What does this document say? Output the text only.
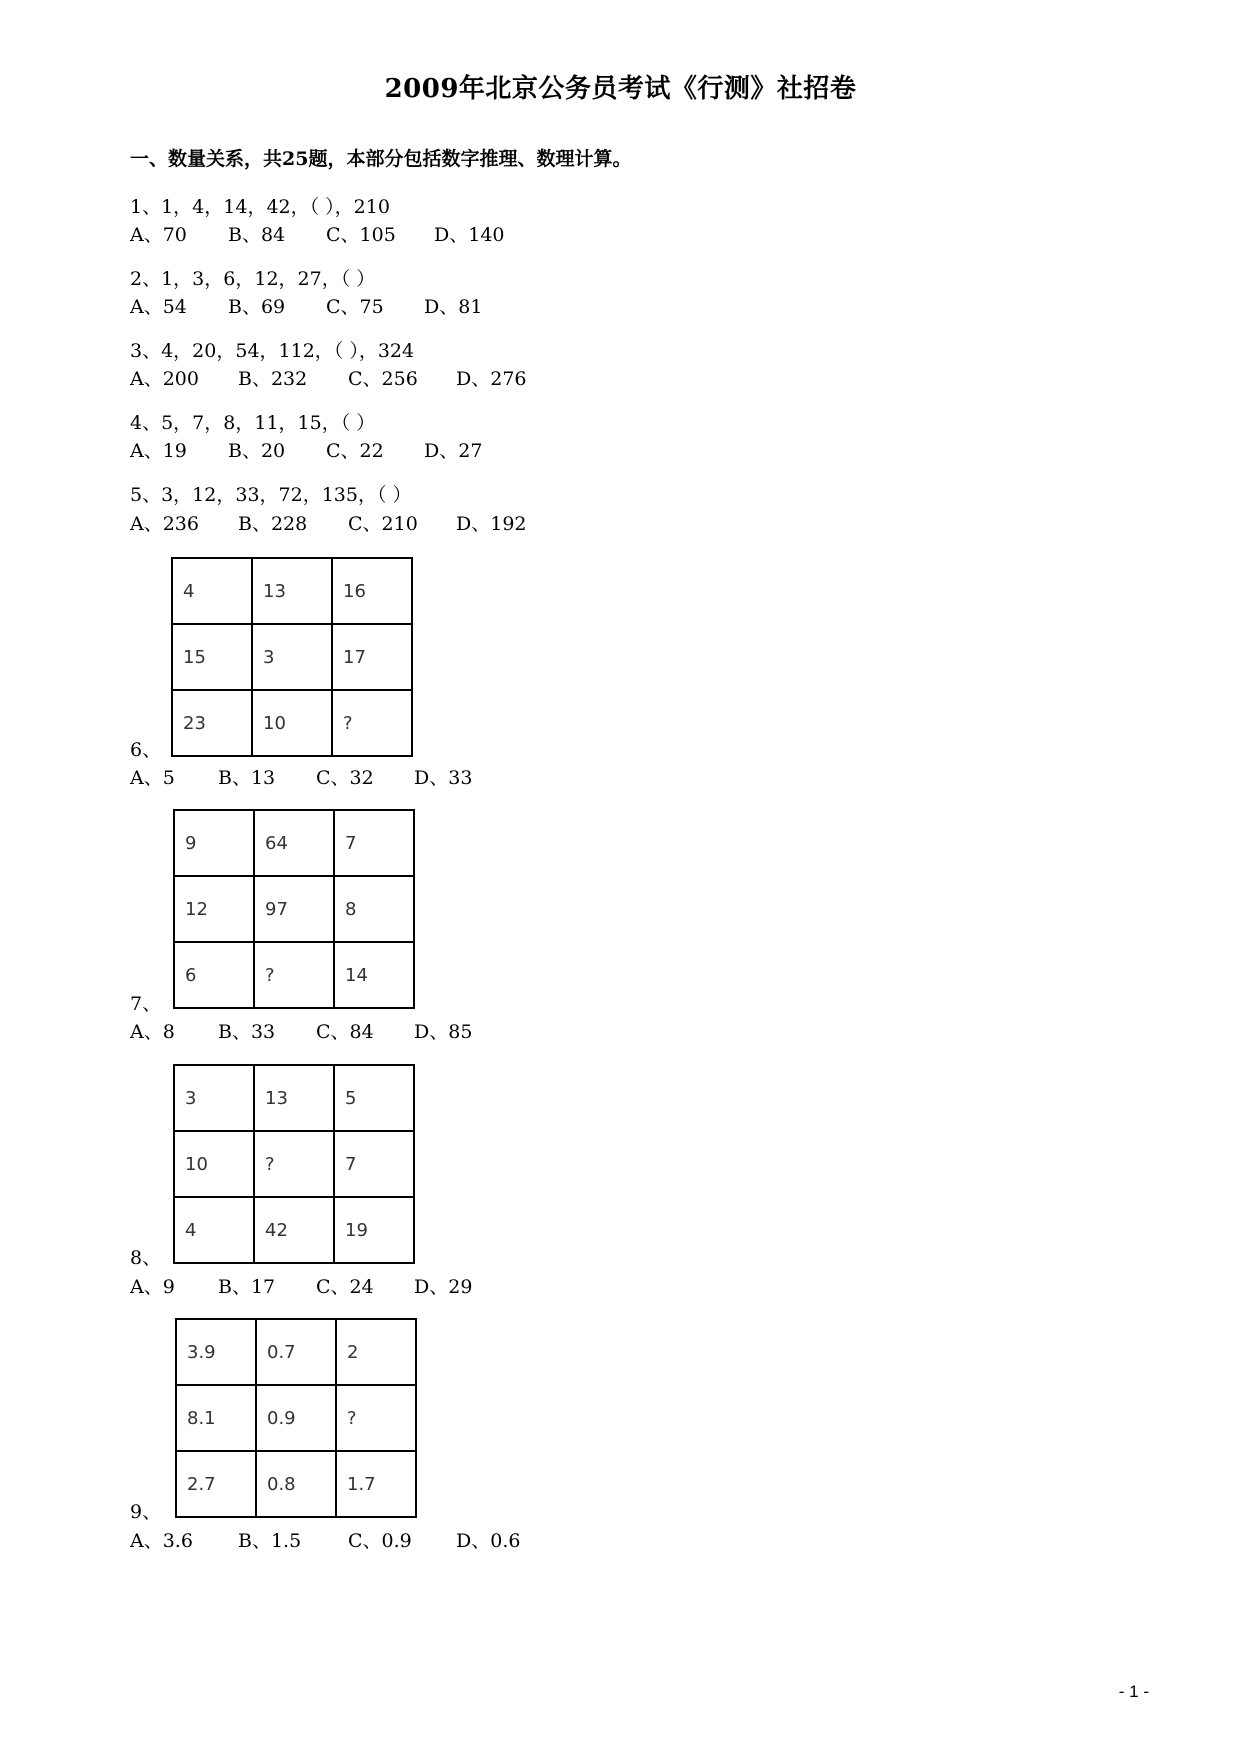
2009年北京公务员考试《行测》社招卷
一、数量关系，共25题，本部分包括数字推理、数理计算。
1、1，4，14，42，（ ），210
A、70 B、84 C、105 D、140
2、1，3，6，12，27，（ ）
A、54 B、69 C、75 D、81
3、4，20，54，112，（ ），324
A、200 B、232 C、256 D、276
4、5，7，8，11，15，（ ）
A、19 B、20 C、22 D、27
5、3，12，33，72，135，（ ）
A、236 B、228 C、210 D、192
4	13	16
15	3	17
23	10	?
6、
A、5 B、13 C、32 D、33
9	64	7
12	97	8
6	?	14
7、
A、8 B、33 C、84 D、85
3	13	5
10	?	7
4	42	19
8、
A、9 B、17 C、24 D、29
3.9	0.7	2
8.1	0.9	?
2.7	0.8	1.7
9、
A、3.6 B、1.5 C、0.9 D、0.6
- 1 -
